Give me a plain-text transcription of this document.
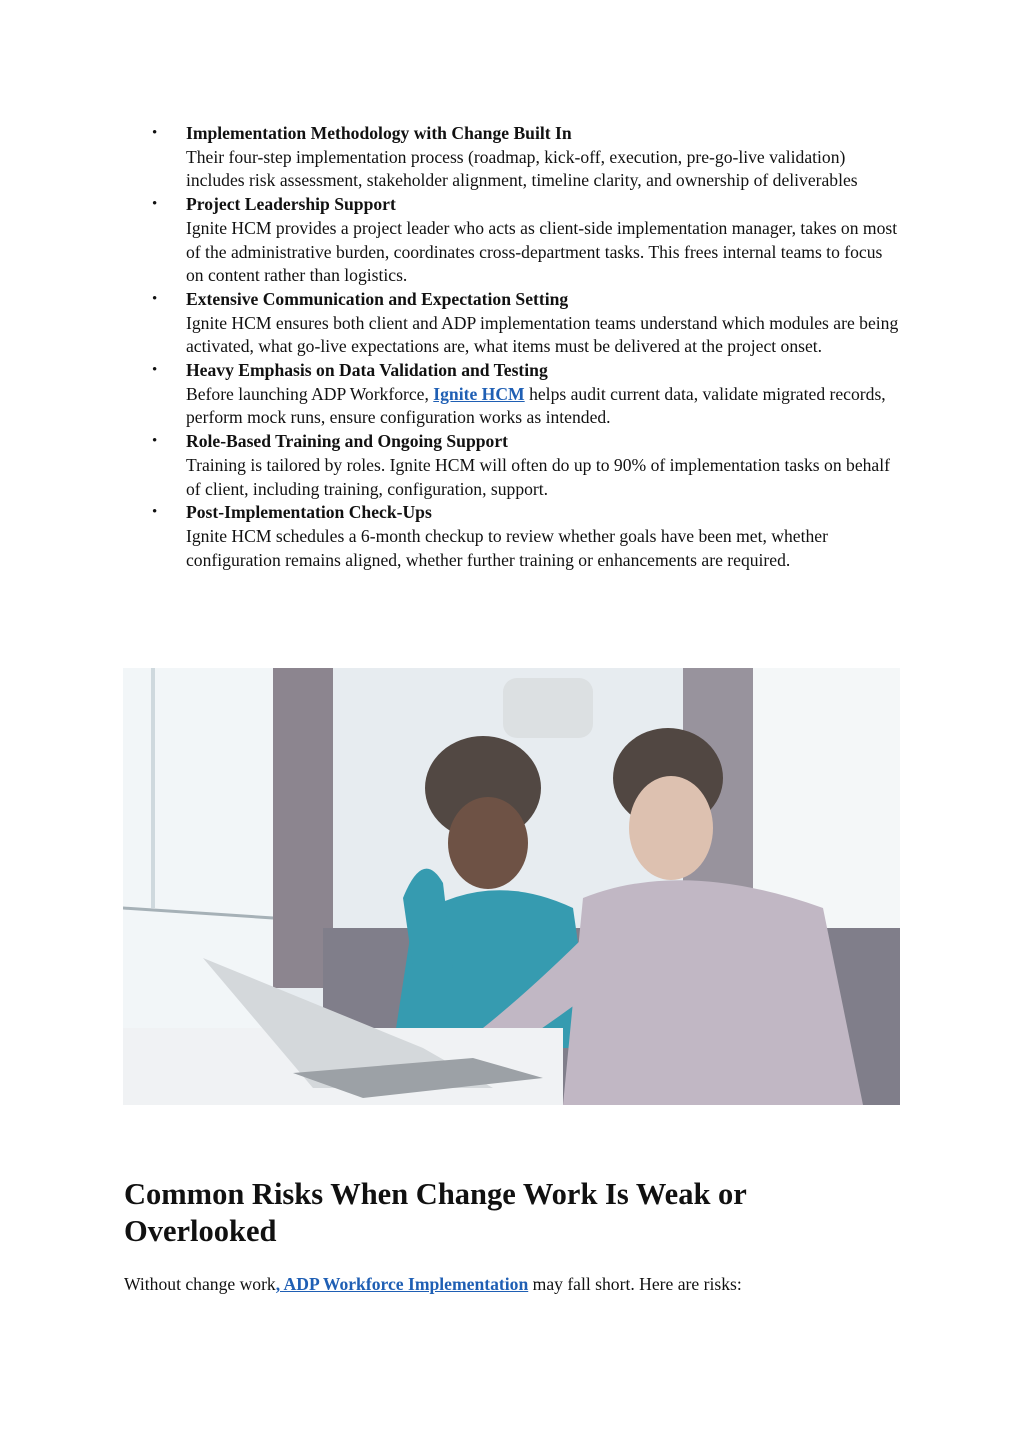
• Implementation Methodology with Change Built In
Their four-step implementation process (roadmap, kick-off, execution, pre-go-live validation) includes risk assessment, stakeholder alignment, timeline clarity, and ownership of deliverables
• Project Leadership Support
Ignite HCM provides a project leader who acts as client-side implementation manager, takes on most of the administrative burden, coordinates cross-department tasks. This frees internal teams to focus on content rather than logistics.
• Extensive Communication and Expectation Setting
Ignite HCM ensures both client and ADP implementation teams understand which modules are being activated, what go-live expectations are, what items must be delivered at the project onset.
• Heavy Emphasis on Data Validation and Testing
Before launching ADP Workforce, Ignite HCM helps audit current data, validate migrated records, perform mock runs, ensure configuration works as intended.
• Role-Based Training and Ongoing Support
Training is tailored by roles. Ignite HCM will often do up to 90% of implementation tasks on behalf of client, including training, configuration, support.
• Post-Implementation Check-Ups
Ignite HCM schedules a 6-month checkup to review whether goals have been met, whether configuration remains aligned, whether further training or enhancements are required.
Common Risks When Change Work Is Weak or Overlooked

Without change work, ADP Workforce Implementation may fall short. Here are risks:
